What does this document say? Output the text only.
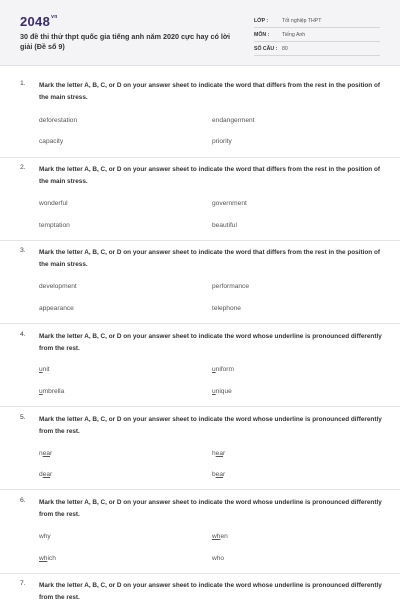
$2048^{vn}$
30 đề thi thử thpt quốc gia tiếng anh năm 2020 cực hay có lời giải (Đề số 9)
LỚP :	Tốt nghiệp THPT
MÔN : Tiếng Anh
SỐ CÂU : 80
1. Mark the letter A, B, C, or D on your answer sheet to indicate the word that differs from the rest in the position of the main stress.
deforestation	endangerment
capacity	priority
2. Mark the letter A, B, C, or D on your answer sheet to indicate the word that differs from the rest in the position of the main stress.
wonderful	government
temptation	beautiful
3. Mark the letter A, B, C, or D on your answer sheet to indicate the word that differs from the rest in the position of the main stress.
development	performance
appearance	telephone
4. Mark the letter A, B, C, or D on your answer sheet to indicate the word whose underline is pronounced differently from the rest.
unit	uniform
umbrella	unique
5. Mark the letter A, B, C, or D on your answer sheet to indicate the word whose underline is pronounced differently from the rest.
near	hear
dear	bear
6. Mark the letter A, B, C, or D on your answer sheet to indicate the word whose underline is pronounced differently from the rest.
why	when
which	who
7. Mark the letter A, B, C, or D on your answer sheet to indicate the word whose underline is pronounced differently from the rest.
